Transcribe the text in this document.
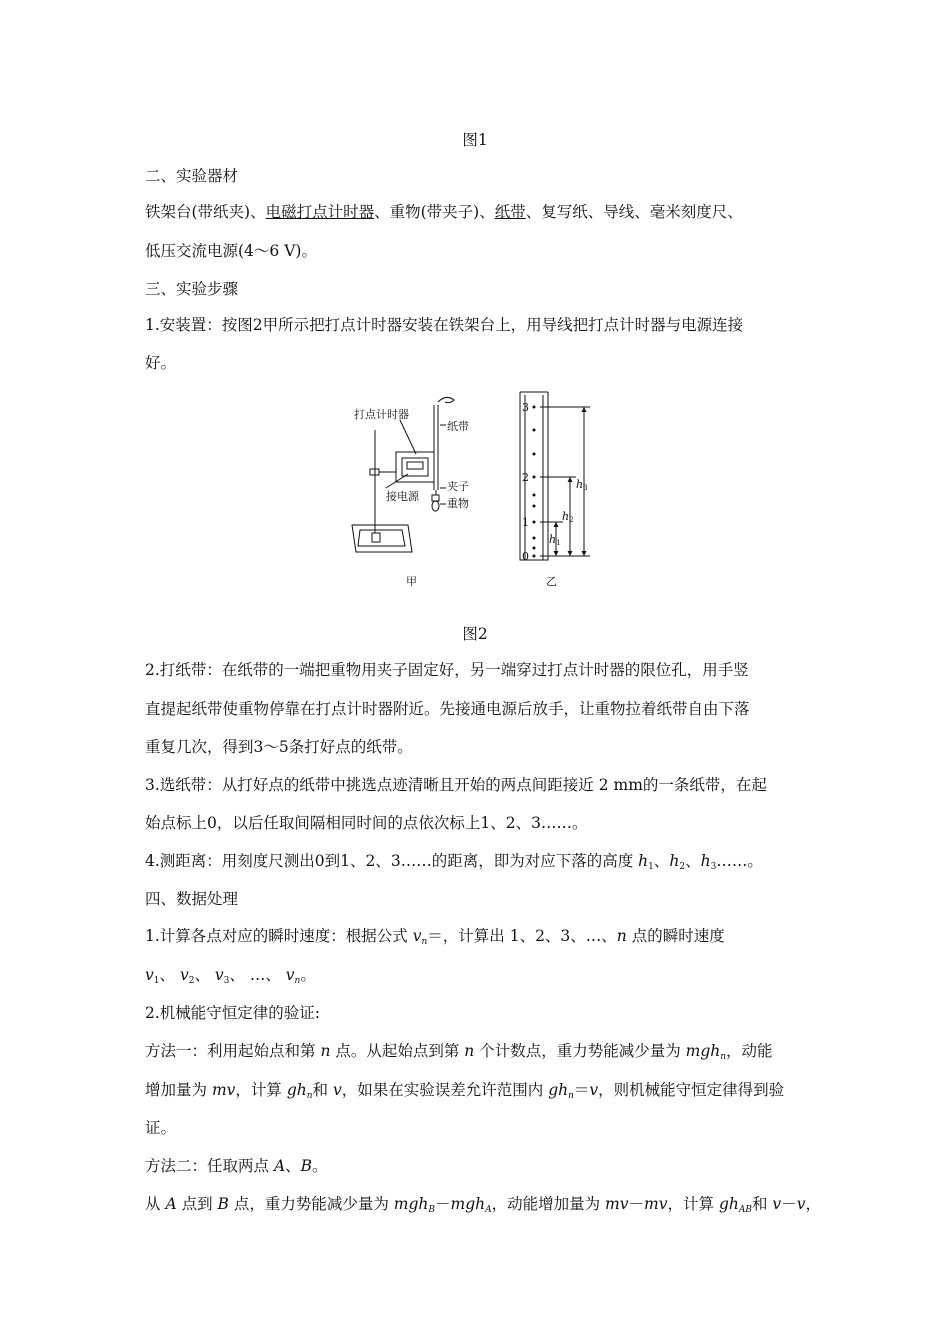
图1
二、实验器材
铁架台(带纸夹)、电磁打点计时器、重物(带夹子)、纸带、复写纸、导线、毫米刻度尺、
低压交流电源(4～6 V)。
三、实验步骤
1.安装置：按图2甲所示把打点计时器安装在铁架台上，用导线把打点计时器与电源连接
好。
打点计时器
纸带
接电源
夹子
重物
甲
0
1
2
3
h1
h2
h3
乙
图2
2.打纸带：在纸带的一端把重物用夹子固定好，另一端穿过打点计时器的限位孔，用手竖
直提起纸带使重物停靠在打点计时器附近。先接通电源后放手，让重物拉着纸带自由下落
重复几次，得到3～5条打好点的纸带。
3.选纸带：从打好点的纸带中挑选点迹清晰且开始的两点间距接近 2 mm的一条纸带，在起
始点标上0，以后任取间隔相同时间的点依次标上1、2、3……。
4.测距离：用刻度尺测出0到1、2、3……的距离，即为对应下落的高度 $h_1$、$h_2$、$h_3\dots\dots$。
四、数据处理
1.计算各点对应的瞬时速度：根据公式 $v_n=$，计算出 1、2、3、…、n 点的瞬时速度
$v_1$、 $v_2$、 $v_3$、 …、 $v_n$。
2.机械能守恒定律的验证:
方法一：利用起始点和第 n 点。从起始点到第 n 个计数点，重力势能减少量为 mgh$_n$，动能
增加量为 mv，计算 $gh_n$和 v，如果在实验误差允许范围内 $gh_n=v$，则机械能守恒定律得到验
证。
方法二：任取两点 A、B。
从 A 点到 B 点，重力势能减少量为 mgh$_B$－mgh$_A$，动能增加量为 mv－mv，计算 $gh_{AB}$和 v－v，
